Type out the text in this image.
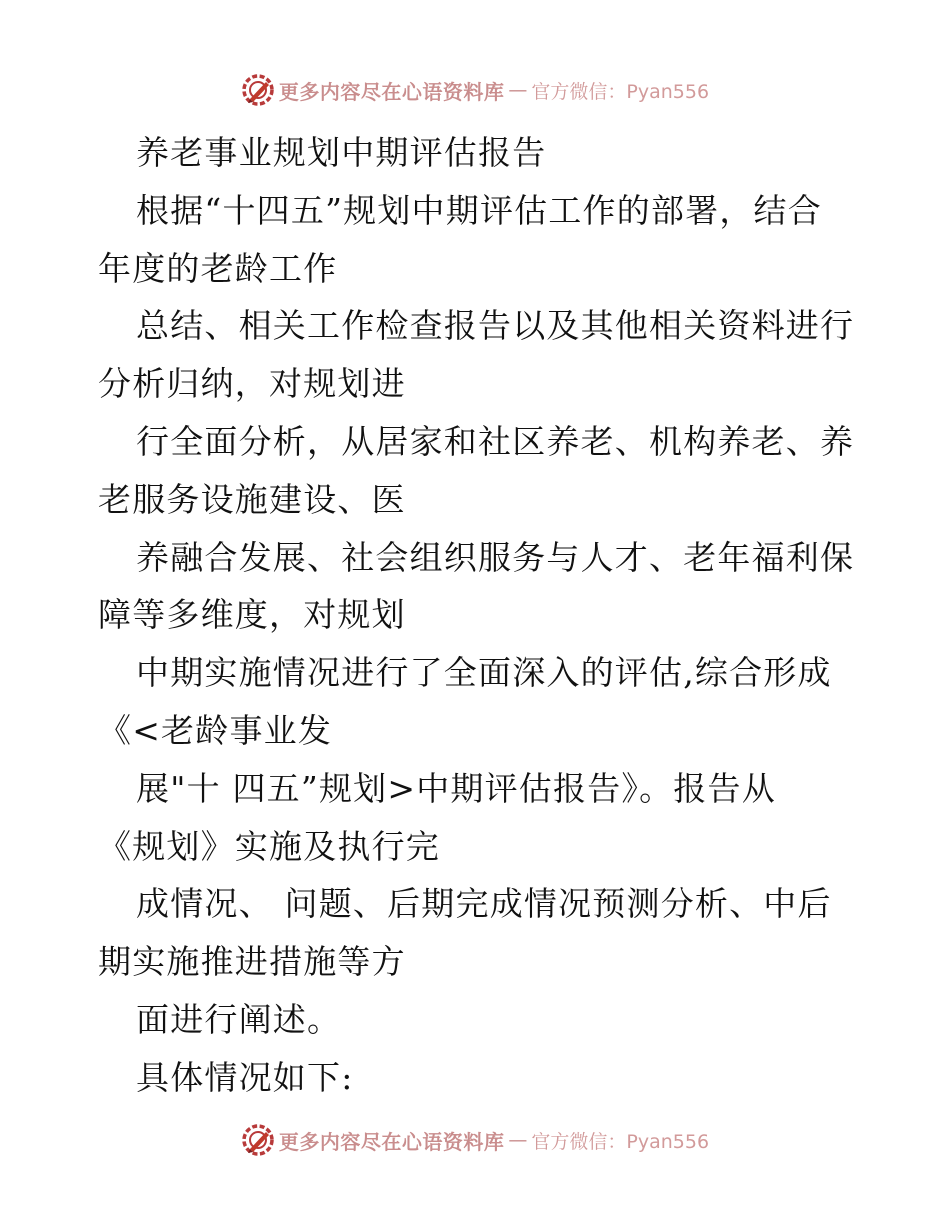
更多内容尽在心语资料库 — 官方微信：Pyan556
养老事业规划中期评估报告
根据“十四五”规划中期评估工作的部署，结合
年度的老龄工作
总结、相关工作检查报告以及其他相关资料进行
分析归纳，对规划进
行全面分析，从居家和社区养老、机构养老、养
老服务设施建设、医
养融合发展、社会组织服务与人才、老年福利保
障等多维度，对规划
中期实施情况进行了全面深入的评估,综合形成
《<老龄事业发
展"十 四五”规划>中期评估报告》。报告从
《规划》实施及执行完
成情况、 问题、后期完成情况预测分析、中后
期实施推进措施等方
面进行阐述。
具体情况如下:
更多内容尽在心语资料库 — 官方微信：Pyan556
